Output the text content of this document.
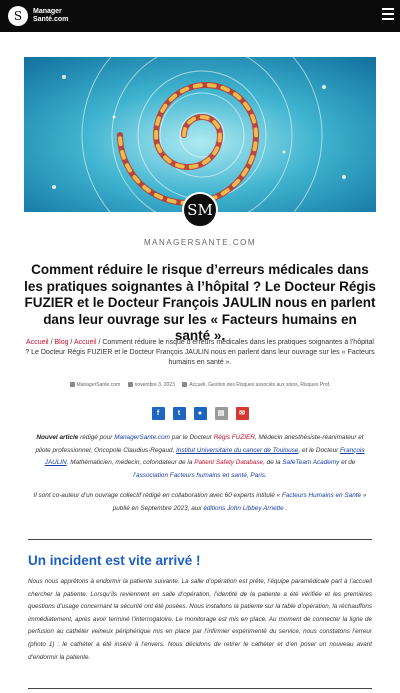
S	Manager
Santé.com
SM
MANAGERSANTE.COM
Comment réduire le risque d’erreurs médicales dans les pratiques soignantes à l’hôpital ? Le Docteur Régis FUZIER et le Docteur François JAULIN nous en parlent dans leur ouvrage sur les « Facteurs humains en santé ».
Accueil / Blog / Accueil / Comment réduire le risque d’erreurs médicales dans les pratiques soignantes à l’hôpital ? Le Docteur Régis FUZIER et le Docteur François JAULIN nous en parlent dans leur ouvrage sur les « Facteurs humains en santé ».
ManagerSante.com	novembre 3, 2023	Accueil, Gestion des Risques associés aux soins, Risques Prof.
f	t	● ▤ ✉

Nouvel article rédigé pour ManagerSante.com par le Docteur Régis FUZIER, Médecin anesthésiste-réanimateur et pilote professionnel, Oncopole Claudius-Regaud, Institut Universitaire du cancer de Toulouse, et le Docteur François JAULIN, Mathématicien, médecin, cofondateur de la Patient Safety Database, de la SafeTeam Academy et de l’association Facteurs humains en santé, Paris.

Il sont co-auteur d’un ouvrage collectif rédigé en collaboration avec 60 experts intitulé « Facteurs Humains en Santé » publié en Septembre 2023, aux éditions John Libbey Arnette .

Un incident est vite arrivé !

Nous nous apprêtons à endormir la patiente suivante. La salle d’opération est prête, l’équipe paramédicale part à l’accueil chercher la patiente. Lorsqu’ils reviennent en salle d’opération, l’identité de la patiente a été vérifiée et les premières questions d’usage concernant la sécurité ont été posées. Nous installons la patiente sur la table d’opération, la réchauffons immédiatement, après avoir terminé l’interrogatoire. Le monitorage est mis en place. Au moment de connecter la ligne de perfusion au cathéter veineux périphérique mis en place par l’infirmier expérimenté du service, nous constatons l’erreur (photo 1) : le cathéter a été inséré à l’envers. Nous décidons de retirer le cathéter et d’en poser un nouveau avant d’endormir la patiente.
